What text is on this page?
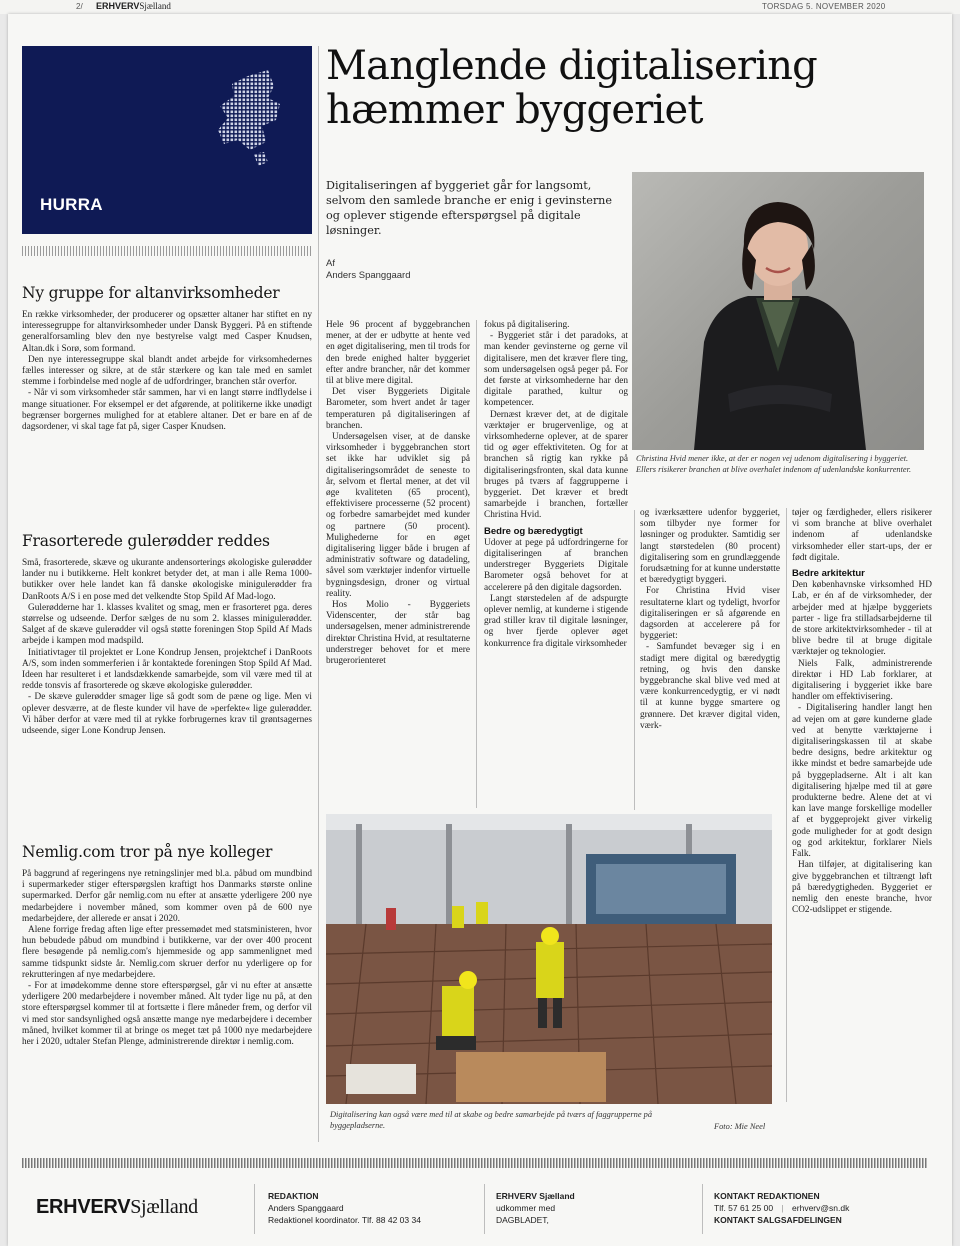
2/ ERHVERVSjælland	TORSDAG 5. NOVEMBER 2020
HURRA
Ny gruppe for altanvirksomheder

En række virksomheder, der producerer og opsætter altaner har stiftet en ny interessegruppe for altanvirksomheder under Dansk Byggeri. På en stiftende generalforsamling blev den nye bestyrelse valgt med Casper Knudsen, Altan.dk i Sorø, som formand.

Den nye interessegruppe skal blandt andet arbejde for virksomhedernes fælles interesser og sikre, at de står stærkere og kan tale med en samlet stemme i forbindelse med nogle af de udfordringer, branchen står overfor.

- Når vi som virksomheder står sammen, har vi en langt større indflydelse i mange situationer. For eksempel er det afgørende, at politikerne ikke unødigt begrænser borgernes mulighed for at etablere altaner. Det er bare en af de dagsordener, vi skal tage fat på, siger Casper Knudsen.

Frasorterede gulerødder reddes

Små, frasorterede, skæve og ukurante andensorterings økologiske gulerødder lander nu i butikkerne. Helt konkret betyder det, at man i alle Rema 1000-butikker over hele landet kan få danske økologiske minigulerødder fra DanRoots A/S i en pose med det velkendte Stop Spild Af Mad-logo.

Gulerødderne har 1. klasses kvalitet og smag, men er frasorteret pga. deres størrelse og udseende. Derfor sælges de nu som 2. klasses minigulerødder. Salget af de skæve gulerødder vil også støtte foreningen Stop Spild Af Mads arbejde i kampen mod madspild.

Initiativtager til projektet er Lone Kondrup Jensen, projektchef i DanRoots A/S, som inden sommerferien i år kontaktede foreningen Stop Spild Af Mad. Ideen har resulteret i et landsdækkende samarbejde, som vil være med til at redde tonsvis af frasorterede og skæve økologiske gulerødder.

- De skæve gulerødder smager lige så godt som de pæne og lige. Men vi oplever desværre, at de fleste kunder vil have de »perfekte« lige gulerødder. Vi håber derfor at være med til at rykke forbrugernes krav til grøntsagernes udseende, siger Lone Kondrup Jensen.

Nemlig.com tror på nye kolleger

På baggrund af regeringens nye retningslinjer med bl.a. påbud om mundbind i supermarkeder stiger efterspørgslen kraftigt hos Danmarks største online supermarked. Derfor går nemlig.com nu efter at ansætte yderligere 200 nye medarbejdere i november måned, som kommer oven på de 600 nye medarbejdere, der allerede er ansat i 2020.

Alene forrige fredag aften lige efter pressemødet med statsministeren, hvor hun bebudede påbud om mundbind i butikkerne, var der over 400 procent flere besøgende på nemlig.com's hjemmeside og app sammenlignet med samme tidspunkt sidste år. Nemlig.com skruer derfor nu yderligere op for rekrutteringen af nye medarbejdere.

- For at imødekomme denne store efterspørgsel, går vi nu efter at ansætte yderligere 200 medarbejdere i november måned. Alt tyder lige nu på, at den store efterspørgsel kommer til at fortsætte i flere måneder frem, og derfor vil vi med stor sandsynlighed også ansætte mange nye medarbejdere i december måned, hvilket kommer til at bringe os meget tæt på 1000 nye medarbejdere her i 2020, udtaler Stefan Plenge, administrerende direktør i nemlig.com.

Manglende digitalisering
hæmmer byggeriet
Digitaliseringen af byggeriet går for langsomt, selvom den samlede branche er enig i gevinsterne og oplever stigende efterspørgsel på digitale løsninger.
Af
Anders Spanggaard
Christina Hvid mener ikke, at der er nogen vej udenom digitalisering i byggeriet. Ellers risikerer branchen at blive overhalet indenom af udenlandske konkurrenter.

Hele 96 procent af byggebranchen mener, at der er udbytte at hente ved en øget digitalisering, men til trods for den brede enighed halter byggeriet efter andre brancher, når det kommer til at blive mere digital.

Det viser Byggeriets Digitale Barometer, som hvert andet år tager temperaturen på digitaliseringen af branchen.

Undersøgelsen viser, at de danske virksomheder i byggebranchen stort set ikke har udviklet sig på digitaliseringsområdet de seneste to år, selvom et flertal mener, at det vil øge kvaliteten (65 procent), effektivisere processerne (52 procent) og forbedre samarbejdet med kunder og partnere (50 procent). Mulighederne for en øget digitalisering ligger både i brugen af administrativ software og datadeling, såvel som værktøjer indenfor virtuelle bygningsdesign, droner og virtual reality.

Hos Molio - Byggeriets Videnscenter, der står bag undersøgelsen, mener administrerende direktør Christina Hvid, at resultaterne understreger behovet for et mere brugerorienteret

fokus på digitalisering.

- Byggeriet står i det paradoks, at man kender gevinsterne og gerne vil digitalisere, men det kræver flere ting, som undersøgelsen også peger på. For det første at virksomhederne har den digitale parathed, kultur og kompetencer.

Dernæst kræver det, at de digitale værktøjer er brugervenlige, og at virksomhederne oplever, at de sparer tid og øger effektiviteten. Og for at branchen så rigtig kan rykke på digitaliseringsfronten, skal data kunne bruges på tværs af faggrupperne i byggeriet. Det kræver et bredt samarbejde i branchen, fortæller Christina Hvid.

Bedre og bæredygtigt

Udover at pege på udfordringerne for digitaliseringen af branchen understreger Byggeriets Digitale Barometer også behovet for at accelerere på den digitale dagsorden.

Langt størstedelen af de adspurgte oplever nemlig, at kunderne i stigende grad stiller krav til digitale løsninger, og hver fjerde oplever øget konkurrence fra digitale virksomheder

og iværksættere udenfor byggeriet, som tilbyder nye former for løsninger og produkter. Samtidig ser langt størstedelen (80 procent) digitalisering som en grundlæggende forudsætning for at kunne understøtte et bæredygtigt byggeri.

For Christina Hvid viser resultaterne klart og tydeligt, hvorfor digitaliseringen er så afgørende en dagsorden at accelerere på for byggeriet:

- Samfundet bevæger sig i en stadigt mere digital og bæredygtig retning, og hvis den danske byggebranche skal blive ved med at være konkurrencedygtig, er vi nødt til at kunne bygge smartere og grønnere. Det kræver digital viden, værk-

tøjer og færdigheder, ellers risikerer vi som branche at blive overhalet indenom af udenlandske virksomheder eller start-ups, der er født digitale.

Bedre arkitektur

Den københavnske virksomhed HD Lab, er én af de virksomheder, der arbejder med at hjælpe byggeriets parter - lige fra stilladsarbejderne til de store arkitektvirksomheder - til at blive bedre til at bruge digitale værktøjer og teknologier.

Niels Falk, administrerende direktør i HD Lab forklarer, at digitalisering i byggeriet ikke bare handler om effektivisering.

- Digitalisering handler langt hen ad vejen om at gøre kunderne glade ved at benytte værktøjerne i digitaliseringskassen til at skabe bedre designs, bedre arkitektur og ikke mindst et bedre samarbejde ude på byggepladserne. Alt i alt kan digitalisering hjælpe med til at gøre produkterne bedre. Alene det at vi kan lave mange forskellige modeller af et byggeprojekt giver virkelig gode muligheder for at godt design og god arkitektur, forklarer Niels Falk.

Han tilføjer, at digitalisering kan give byggebranchen et tiltrængt løft på bæredygtigheden. Byggeriet er nemlig den eneste branche, hvor CO2-udslippet er stigende.

Digitalisering kan også være med til at skabe og bedre samarbejde på tværs af faggrupperne på byggepladserne.	Foto: Mie Neel
ERHVERVSjælland	REDAKTION
Anders Spanggaard
Redaktionel koordinator. Tlf. 88 42 03 34
ERHVERV Sjælland
udkommer med
DAGBLADET,
KONTAKT REDAKTIONEN
Tlf. 57 61 25 00 | erhverv@sn.dk
KONTAKT SALGSAFDELINGEN
